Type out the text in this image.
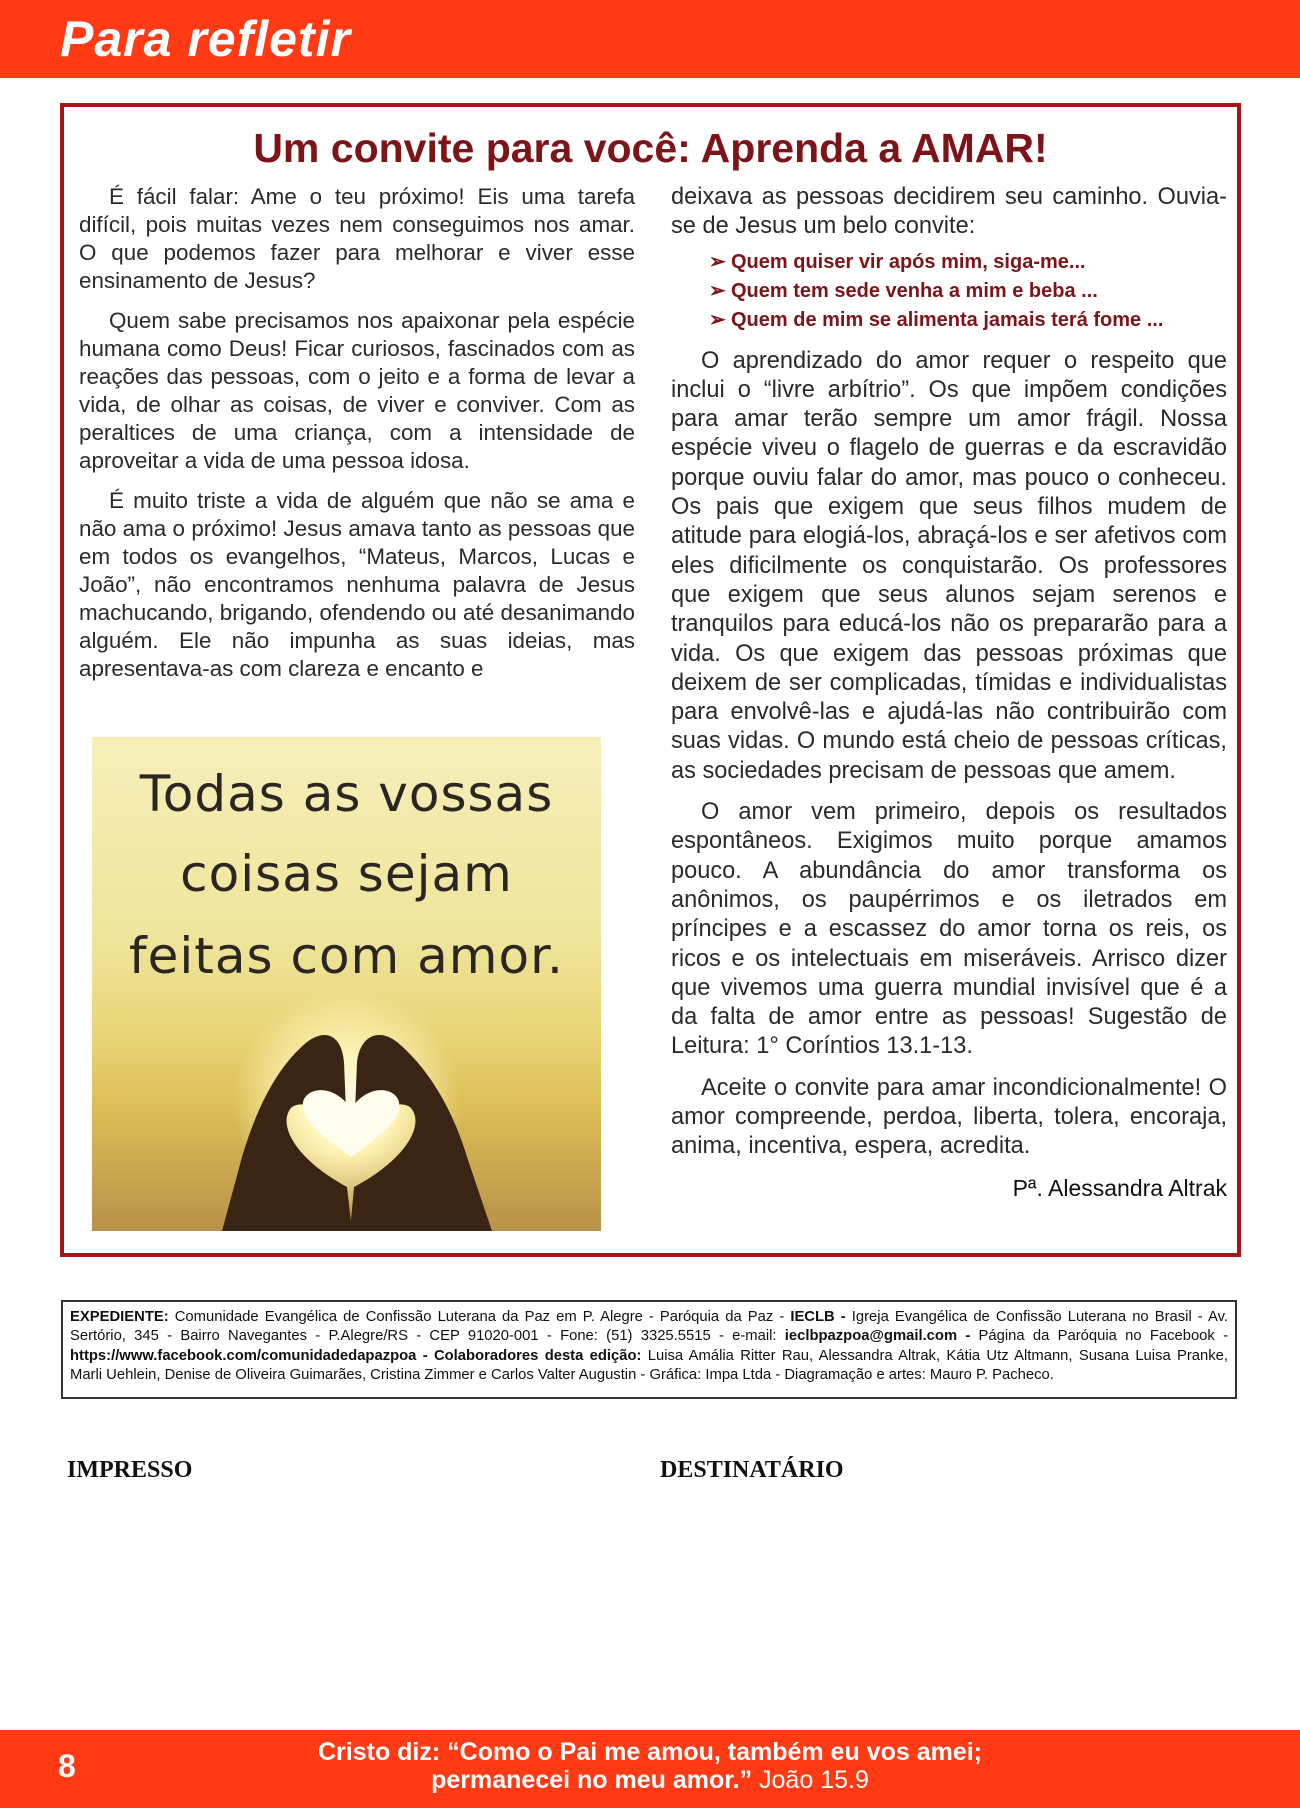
Para refletir
Um convite para você: Aprenda a AMAR!

É fácil falar: Ame o teu próximo! Eis uma tarefa difícil, pois muitas vezes nem conseguimos nos amar. O que podemos fazer para melhorar e viver esse ensinamento de Jesus?

Quem sabe precisamos nos apaixonar pela espécie humana como Deus! Ficar curiosos, fascinados com as reações das pessoas, com o jeito e a forma de levar a vida, de olhar as coisas, de viver e conviver. Com as peraltices de uma criança, com a intensidade de aproveitar a vida de uma pessoa idosa.

É muito triste a vida de alguém que não se ama e não ama o próximo! Jesus amava tanto as pessoas que em todos os evangelhos, “Mateus, Marcos, Lucas e João”, não encontramos nenhuma palavra de Jesus machucando, brigando, ofendendo ou até desanimando alguém. Ele não impunha as suas ideias, mas apresentava-as com clareza e encanto e

Todas as vossas
coisas sejam
feitas com amor.

deixava as pessoas decidirem seu caminho. Ouvia-se de Jesus um belo convite:

➢ Quem quiser vir após mim, siga-me...
➢ Quem tem sede venha a mim e beba ...
➢ Quem de mim se alimenta jamais terá fome ...

O aprendizado do amor requer o respeito que inclui o “livre arbítrio”. Os que impõem condições para amar terão sempre um amor frágil. Nossa espécie viveu o flagelo de guerras e da escravidão porque ouviu falar do amor, mas pouco o conheceu. Os pais que exigem que seus filhos mudem de atitude para elogiá-los, abraçá-los e ser afetivos com eles dificilmente os conquistarão. Os professores que exigem que seus alunos sejam serenos e tranquilos para educá-los não os prepararão para a vida. Os que exigem das pessoas próximas que deixem de ser complicadas, tímidas e individualistas para envolvê-las e ajudá-las não contribuirão com suas vidas. O mundo está cheio de pessoas críticas, as sociedades precisam de pessoas que amem.

O amor vem primeiro, depois os resultados espontâneos. Exigimos muito porque amamos pouco. A abundância do amor transforma os anônimos, os paupérrimos e os iletrados em príncipes e a escassez do amor torna os reis, os ricos e os intelectuais em miseráveis. Arrisco dizer que vivemos uma guerra mundial invisível que é a da falta de amor entre as pessoas! Sugestão de Leitura: 1° Coríntios 13.1-13.

Aceite o convite para amar incondicionalmente! O amor compreende, perdoa, liberta, tolera, encoraja, anima, incentiva, espera, acredita.

Pª. Alessandra Altrak

EXPEDIENTE: Comunidade Evangélica de Confissão Luterana da Paz em P. Alegre - Paróquia da Paz - IECLB - Igreja Evangélica de Confissão Luterana no Brasil - Av. Sertório, 345 - Bairro Navegantes - P.Alegre/RS - CEP 91020-001 - Fone: (51) 3325.5515 - e-mail: ieclbpazpoa@gmail.com - Página da Paróquia no Facebook - https://www.facebook.com/comunidadedapazpoa - Colaboradores desta edição: Luisa Amália Ritter Rau, Alessandra Altrak, Kátia Utz Altmann, Susana Luisa Pranke, Marli Uehlein, Denise de Oliveira Guimarães, Cristina Zimmer e Carlos Valter Augustin - Gráfica: Impa Ltda - Diagramação e artes: Mauro P. Pacheco.
IMPRESSO	DESTINATÁRIO
8	Cristo diz: “Como o Pai me amou, também eu vos amei;
permanecei no meu amor.” João 15.9
